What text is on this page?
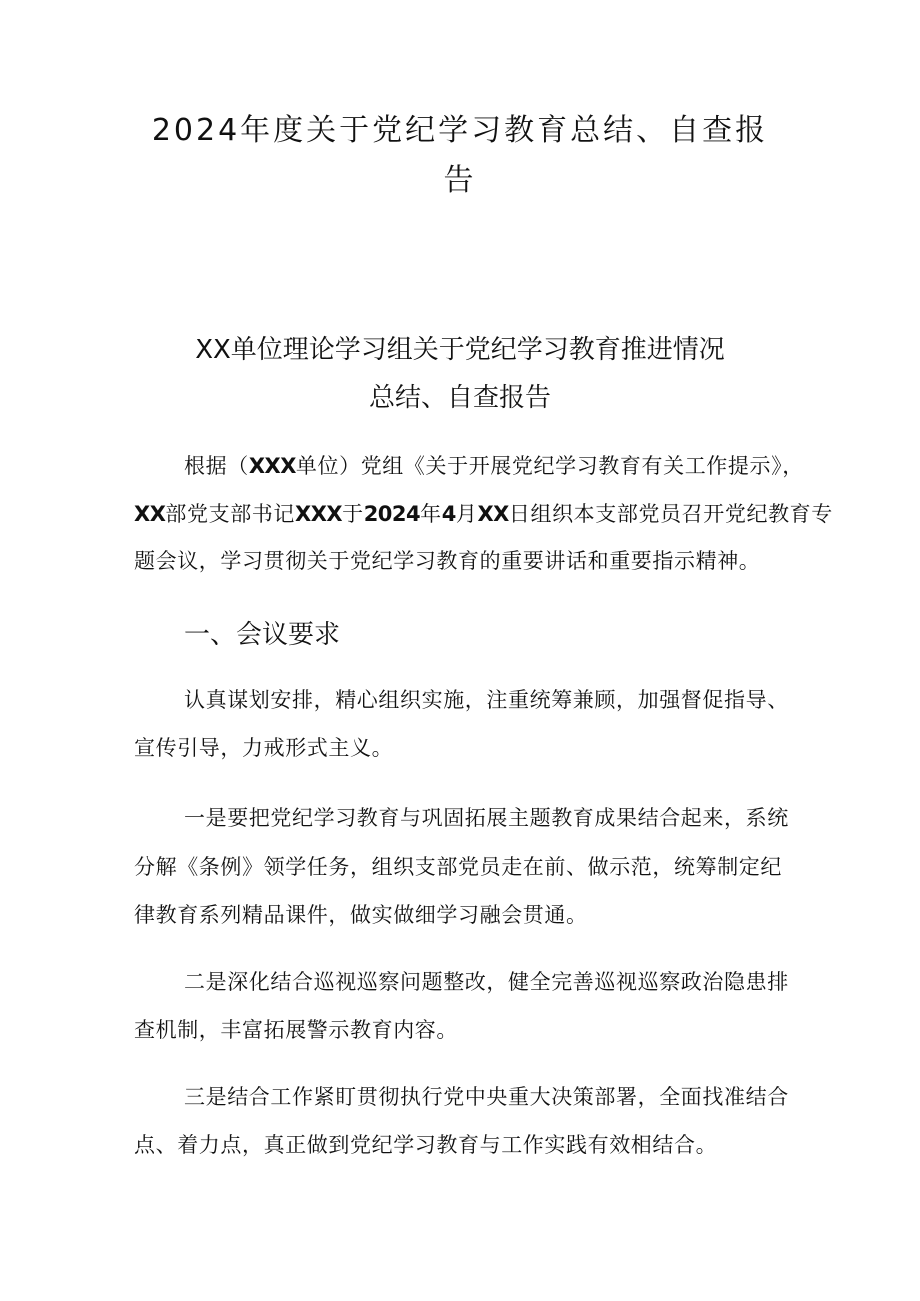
2024年度关于党纪学习教育总结、自查报
告
XX单位理论学习组关于党纪学习教育推进情况
总结、自查报告
根据（XXX单位）党组《关于开展党纪学习教育有关工作提示》，
XX部党支部书记XXX于2024年4月XX日组织本支部党员召开党纪教育专
题会议，学习贯彻关于党纪学习教育的重要讲话和重要指示精神。
一、会议要求
认真谋划安排，精心组织实施，注重统筹兼顾，加强督促指导、
宣传引导，力戒形式主义。
一是要把党纪学习教育与巩固拓展主题教育成果结合起来，系统
分解《条例》领学任务，组织支部党员走在前、做示范，统筹制定纪
律教育系列精品课件，做实做细学习融会贯通。
二是深化结合巡视巡察问题整改，健全完善巡视巡察政治隐患排
查机制，丰富拓展警示教育内容。
三是结合工作紧盯贯彻执行党中央重大决策部署，全面找准结合
点、着力点，真正做到党纪学习教育与工作实践有效相结合。
